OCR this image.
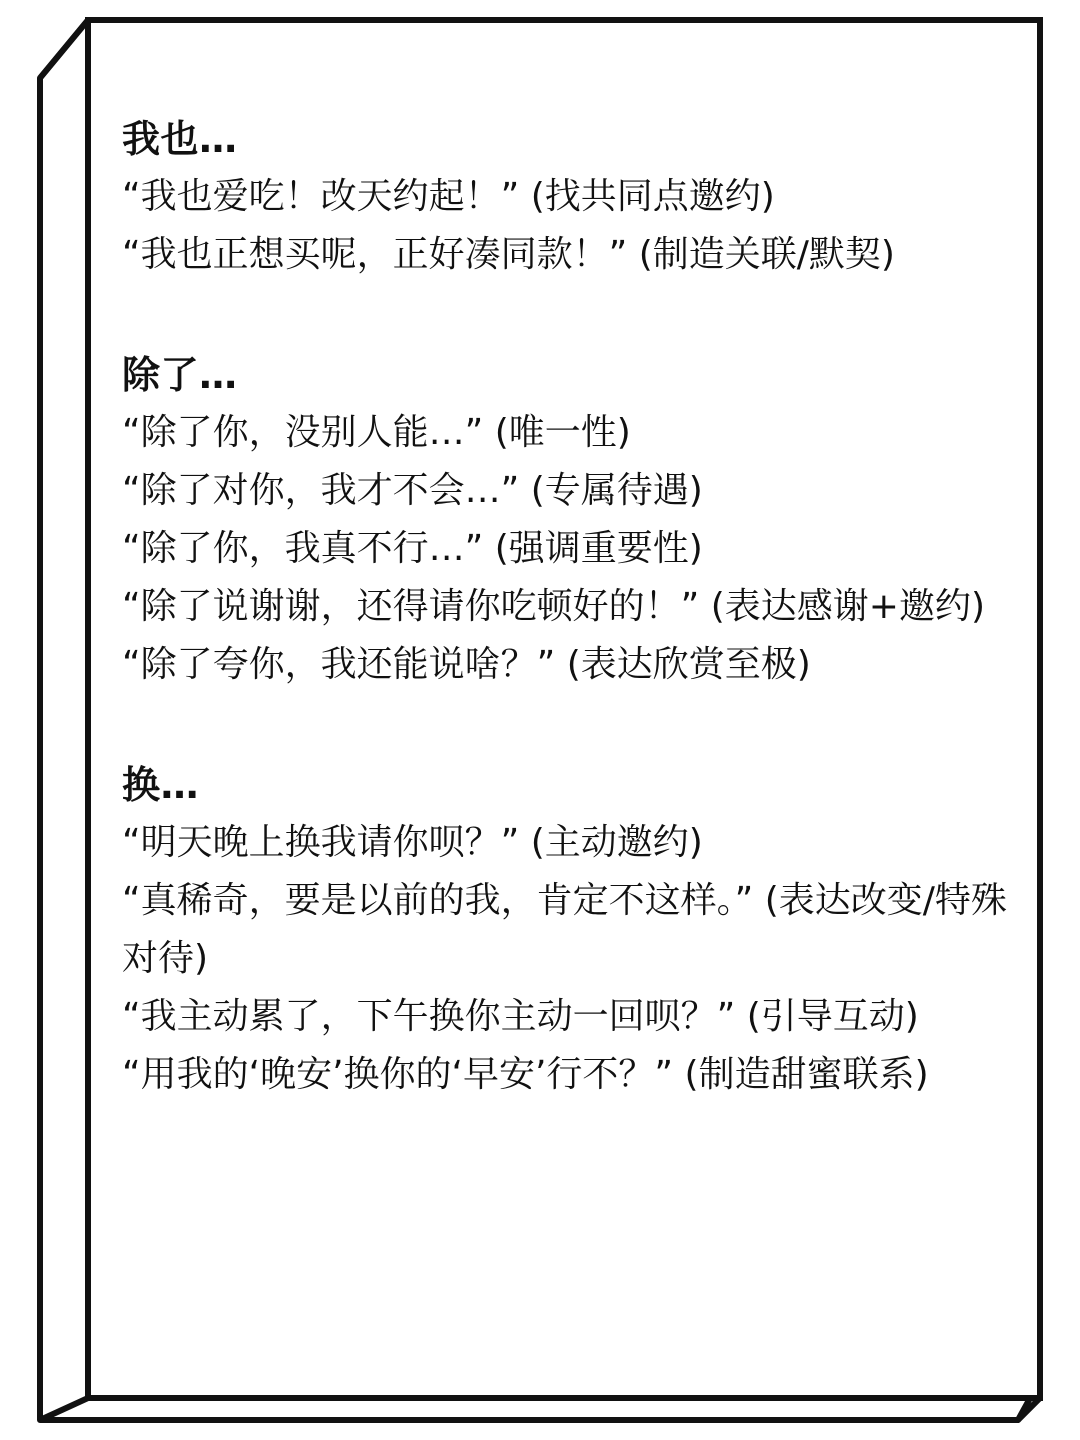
我也…
“我也爱吃！改天约起！” (找共同点邀约)
“我也正想买呢，正好凑同款！” (制造关联/默契)
除了…
“除了你，没别人能…” (唯一性)
“除了对你，我才不会…” (专属待遇)
“除了你，我真不行…” (强调重要性)
“除了说谢谢，还得请你吃顿好的！” (表达感谢+邀约)
“除了夸你，我还能说啥？” (表达欣赏至极)
换…
“明天晚上换我请你呗？” (主动邀约)
“真稀奇，要是以前的我，肯定不这样。” (表达改变/特殊对待)
“我主动累了，下午换你主动一回呗？” (引导互动)
“用我的‘晚安’换你的‘早安’行不？” (制造甜蜜联系)
